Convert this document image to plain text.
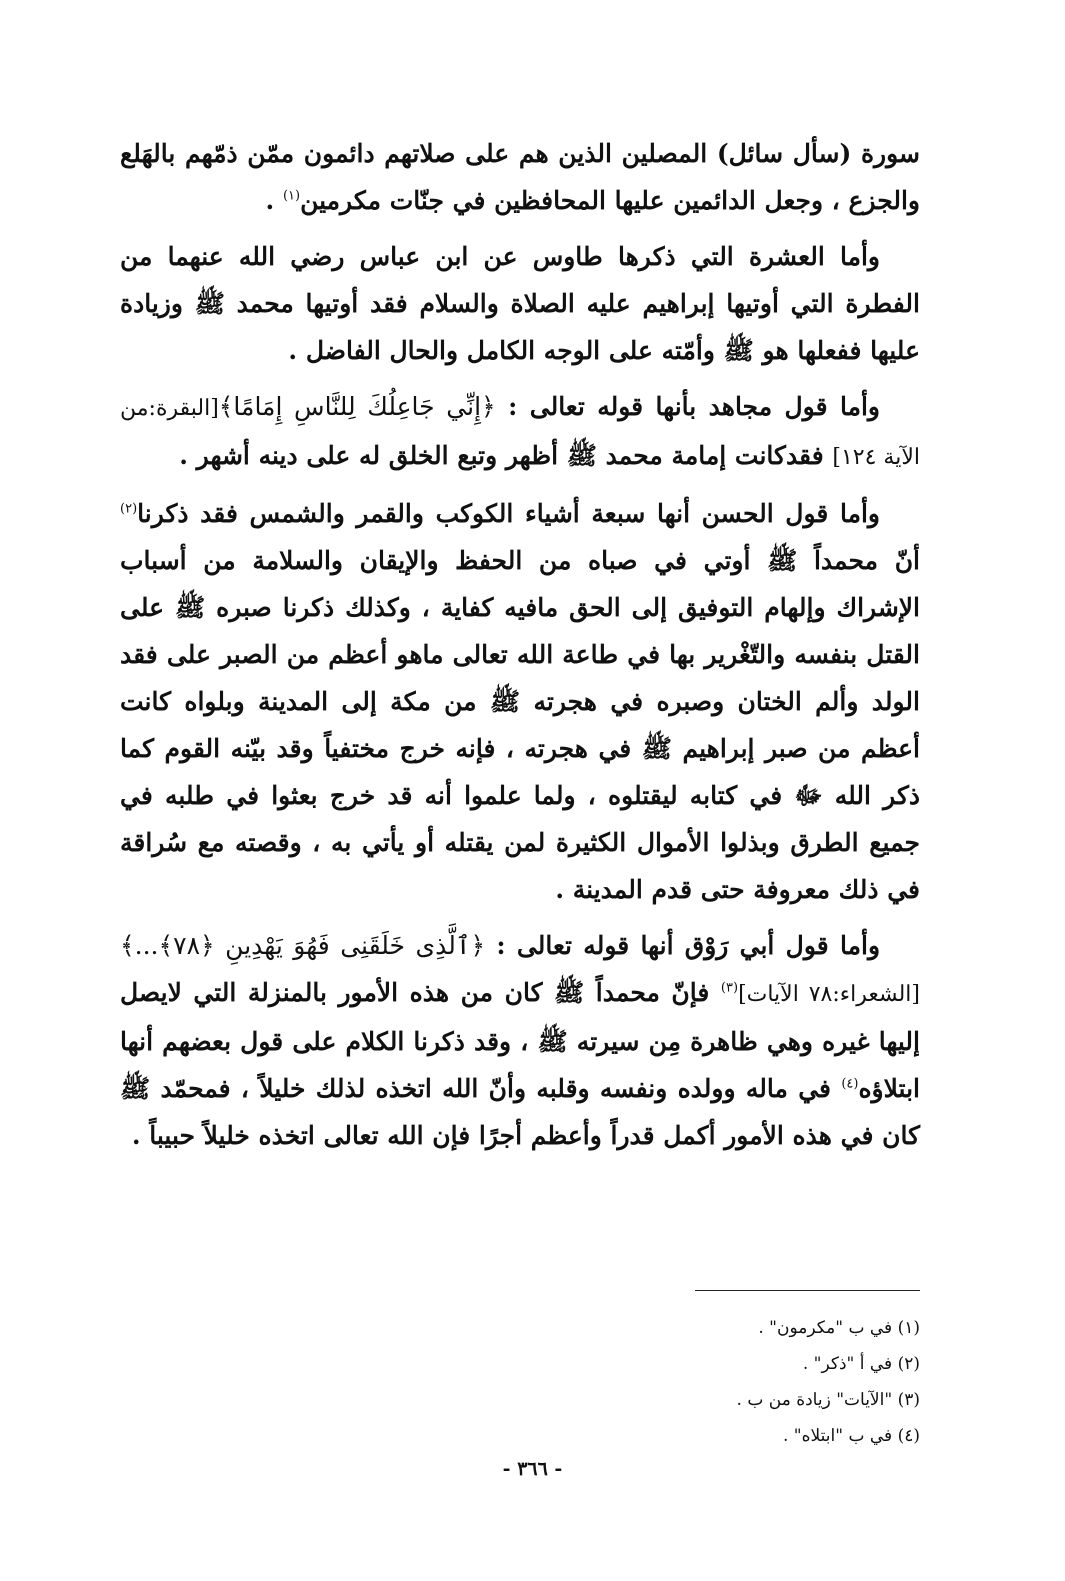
سورة (سأل سائل) المصلين الذين هم على صلاتهم دائمون ممّن ذمّهم بالهَلع والجزع ، وجعل الدائمين عليها المحافظين في جنّات مكرمين$^{(١)}$ .

وأما العشرة التي ذكرها طاوس عن ابن عباس رضي الله عنهما من الفطرة التي أوتيها إبراهيم عليه الصلاة والسلام فقد أوتيها محمد ﷺ وزيادة عليها ففعلها هو ﷺ وأمّته على الوجه الكامل والحال الفاضل .

وأما قول مجاهد بأنها قوله تعالى : ﴿إِنِّي جَاعِلُكَ لِلنَّاسِ إِمَامًا﴾[البقرة:من الآية ١٢٤] فقدكانت إمامة محمد ﷺ أظهر وتبع الخلق له على دينه أشهر .

وأما قول الحسن أنها سبعة أشياء الكوكب والقمر والشمس فقد ذكرنا$^{(٢)}$ أنّ محمداً ﷺ أوتي في صباه من الحفظ والإيقان والسلامة من أسباب الإشراك وإلهام التوفيق إلى الحق مافيه كفاية ، وكذلك ذكرنا صبره ﷺ على القتل بنفسه والتّغْرير بها في طاعة الله تعالى ماهو أعظم من الصبر على فقد الولد وألم الختان وصبره في هجرته ﷺ من مكة إلى المدينة وبلواه كانت أعظم من صبر إبراهيم ﷺ في هجرته ، فإنه خرج مختفياً وقد بيّنه القوم كما ذكر الله ﷻ في كتابه ليقتلوه ، ولما علموا أنه قد خرج بعثوا في طلبه في جميع الطرق وبذلوا الأموال الكثيرة لمن يقتله أو يأتي به ، وقصته مع سُراقة في ذلك معروفة حتى قدم المدينة .

وأما قول أبي رَوْق أنها قوله تعالى : ﴿ٱلَّذِى خَلَقَنِى فَهُوَ يَهْدِينِ ﴿٧٨﴾...﴾[الشعراء:٧٨ الآيات]$^{(٣)}$ فإنّ محمداً ﷺ كان من هذه الأمور بالمنزلة التي لايصل إليها غيره وهي ظاهرة مِن سيرته ﷺ ، وقد ذكرنا الكلام على قول بعضهم أنها ابتلاؤه$^{(٤)}$ في ماله وولده ونفسه وقلبه وأنّ الله اتخذه لذلك خليلاً ، فمحمّد ﷺ كان في هذه الأمور أكمل قدراً وأعظم أجرًا فإن الله تعالى اتخذه خليلاً حبيباً .

(١) في ب "مكرمون" .

(٢) في أ "ذكر" .

(٣) "الآيات" زيادة من ب .

(٤) في ب "ابتلاه" .

- ٣٦٦ -
